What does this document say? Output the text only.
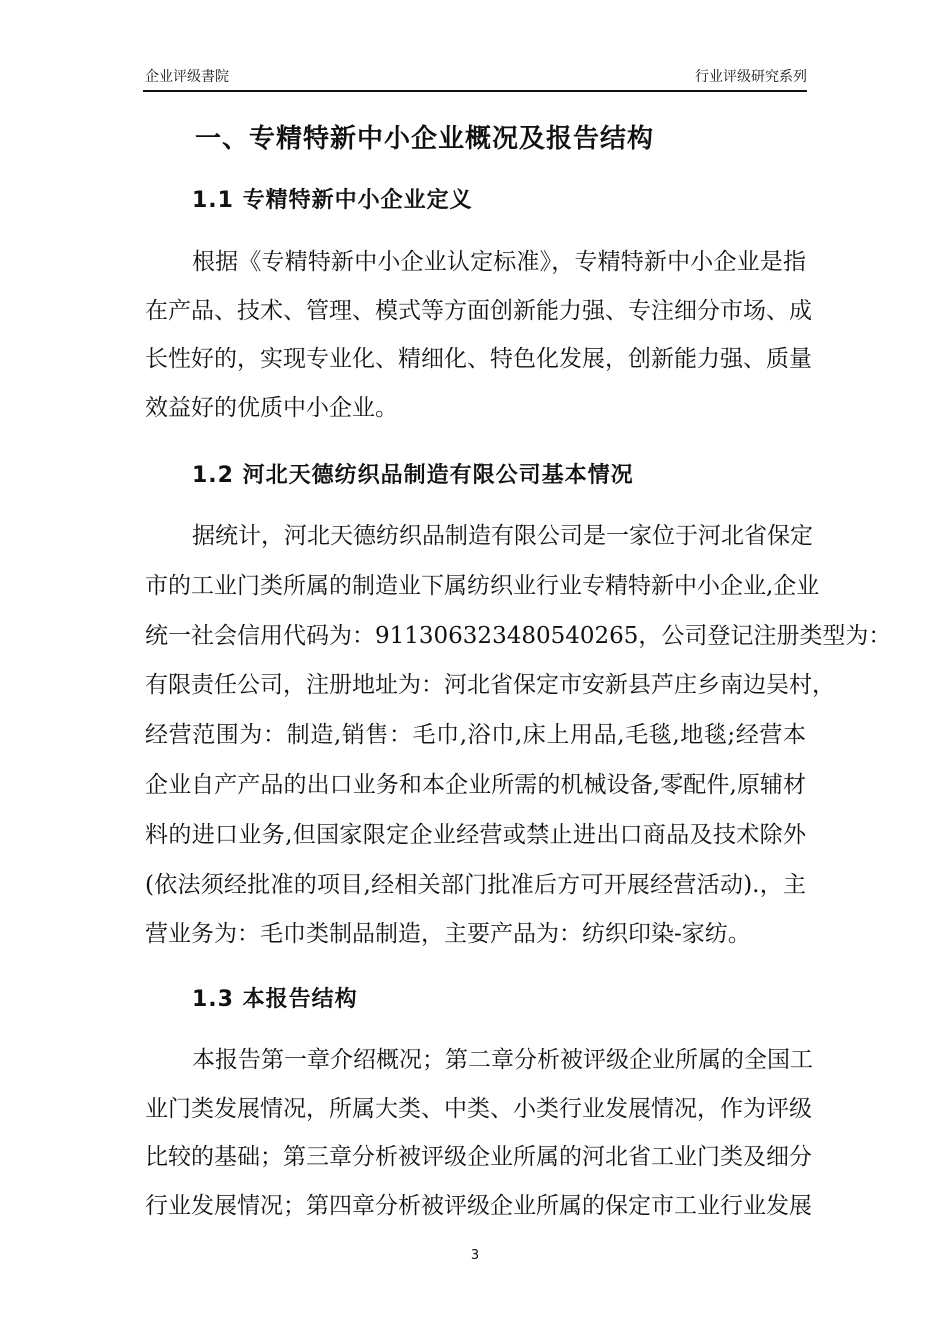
企业评级書院	行业评级研究系列
一、专精特新中小企业概况及报告结构
1.1 专精特新中小企业定义
根据《专精特新中小企业认定标准》，专精特新中小企业是指
在产品、技术、管理、模式等方面创新能力强、专注细分市场、成
长性好的，实现专业化、精细化、特色化发展，创新能力强、质量
效益好的优质中小企业。
1.2 河北天德纺织品制造有限公司基本情况
据统计，河北天德纺织品制造有限公司是一家位于河北省保定
市的工业门类所属的制造业下属纺织业行业专精特新中小企业,企业
统一社会信用代码为：911306323480540265，公司登记注册类型为：
有限责任公司，注册地址为：河北省保定市安新县芦庄乡南边吴村，
经营范围为：制造,销售：毛巾,浴巾,床上用品,毛毯,地毯;经营本
企业自产产品的出口业务和本企业所需的机械设备,零配件,原辅材
料的进口业务,但国家限定企业经营或禁止进出口商品及技术除外
(依法须经批准的项目,经相关部门批准后方可开展经营活动).，主
营业务为：毛巾类制品制造，主要产品为：纺织印染-家纺。
1.3 本报告结构
本报告第一章介绍概况；第二章分析被评级企业所属的全国工
业门类发展情况，所属大类、中类、小类行业发展情况，作为评级
比较的基础；第三章分析被评级企业所属的河北省工业门类及细分
行业发展情况；第四章分析被评级企业所属的保定市工业行业发展
3
